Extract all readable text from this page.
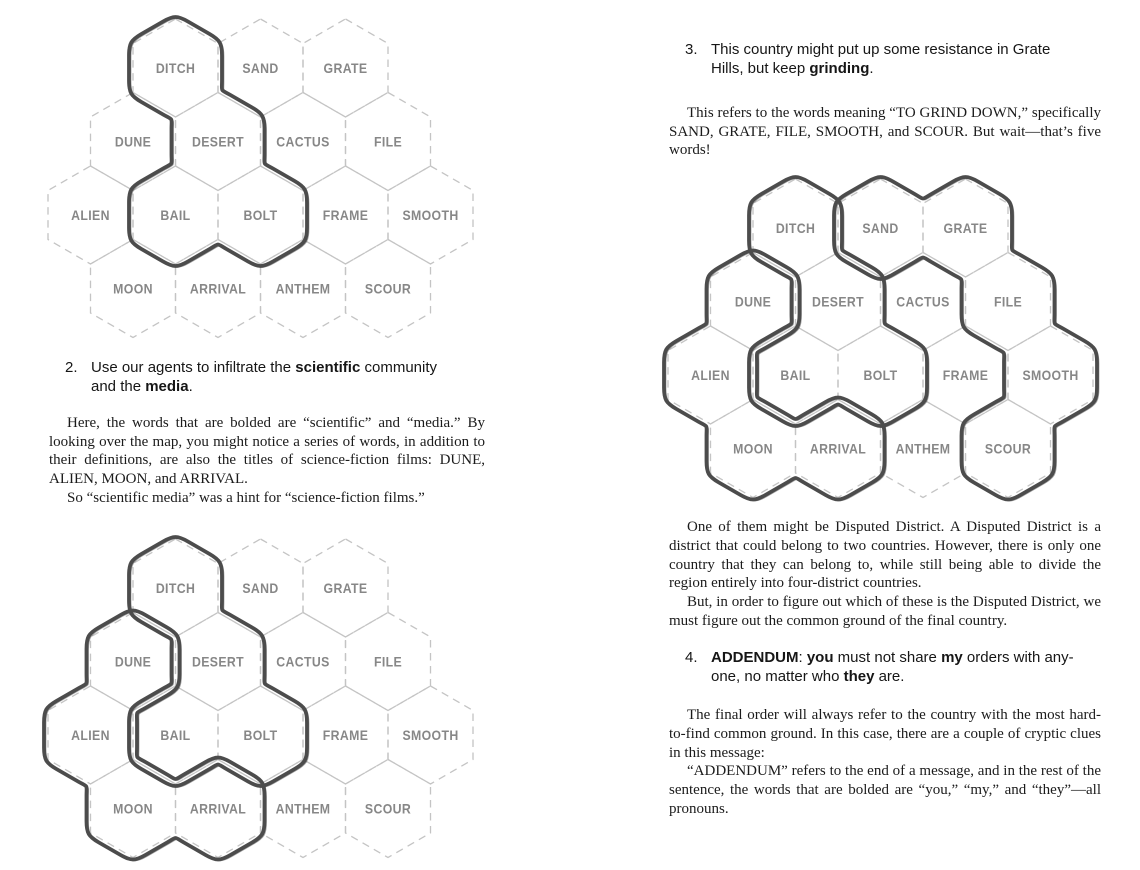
DITCH	SAND	GRATE
DUNE	DESERT CACTUS	FILE
ALIEN	BAIL	BOLT	FRAME SMOOTH
MOON	ARRIVAL ANTHEM SCOUR
2. Use our agents to infiltrate the scientific community
and the media.

Here, the words that are bolded are “scientific” and “media.” By looking over the map, you might notice a series of words, in addition to their definitions, are also the titles of science-fiction films: DUNE, ALIEN, MOON, and ARRIVAL.

So “scientific media” was a hint for “science-fiction films.”

DITCH	SAND	GRATE
DUNE	DESERT CACTUS	FILE
ALIEN	BAIL	BOLT	FRAME SMOOTH
MOON	ARRIVAL ANTHEM SCOUR
3. This country might put up some resistance in Grate
Hills, but keep grinding.

This refers to the words meaning “TO GRIND DOWN,” specifically SAND, GRATE, FILE, SMOOTH, and SCOUR. But wait—that’s five words!

DITCH	SAND	GRATE
DUNE	DESERT CACTUS	FILE
ALIEN	BAIL	BOLT	FRAME SMOOTH
MOON	ARRIVAL ANTHEM SCOUR

One of them might be Disputed District. A Disputed District is a district that could belong to two countries. However, there is only one country that they can belong to, while still being able to divide the region entirely into four-district countries.

But, in order to figure out which of these is the Disputed District, we must figure out the common ground of the final country.

4. ADDENDUM: you must not share my orders with any-
one, no matter who they are.

The final order will always refer to the country with the most hard-to-find common ground. In this case, there are a couple of cryptic clues in this message:

“ADDENDUM” refers to the end of a message, and in the rest of the sentence, the words that are bolded are “you,” “my,” and “they”—all pronouns.
